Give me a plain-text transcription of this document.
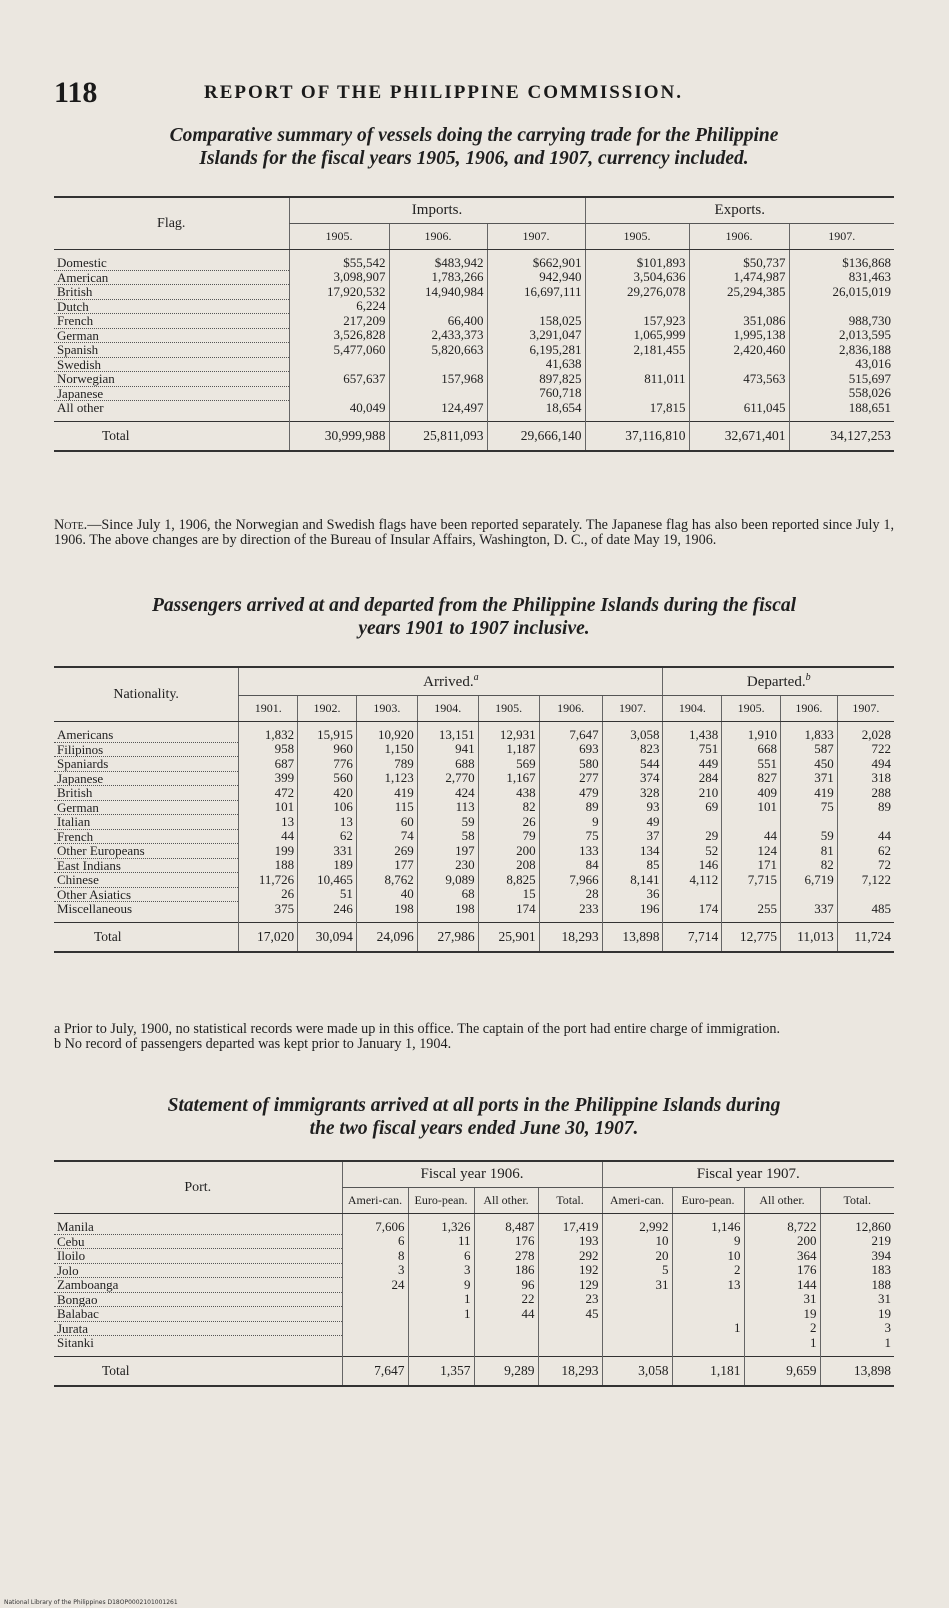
118	REPORT OF THE PHILIPPINE COMMISSION.
Comparative summary of vessels doing the carrying trade for the Philippine
Islands for the fiscal years 1905, 1906, and 1907, currency included.
Flag.	Imports.			Exports.		
	1905.	1906.	1907.	1905.	1906.	1907.
Domestic	$55,542	$483,942	$662,901	$101,893	$50,737	$136,868
American	3,098,907	1,783,266	942,940	3,504,636	1,474,987	831,463
British	17,920,532	14,940,984	16,697,111	29,276,078	25,294,385	26,015,019
Dutch	6,224					
French	217,209	66,400	158,025	157,923	351,086	988,730
German	3,526,828	2,433,373	3,291,047	1,065,999	1,995,138	2,013,595
Spanish	5,477,060	5,820,663	6,195,281	2,181,455	2,420,460	2,836,188
Swedish			41,638			43,016
Norwegian	657,637	157,968	897,825	811,011	473,563	515,697
Japanese			760,718			558,026
All other	40,049	124,497	18,654	17,815	611,045	188,651
Total	30,999,988	25,811,093	29,666,140	37,116,810	32,671,401	34,127,253
Note.—Since July 1, 1906, the Norwegian and Swedish flags have been reported separately. The Japanese flag has also been reported since July 1, 1906. The above changes are by direction of the Bureau of Insular Affairs, Washington, D. C., of date May 19, 1906.
Passengers arrived at and departed from the Philippine Islands during the fiscal
years 1901 to 1907 inclusive.
Nationality.	Arrived.$^a$							Departed.$^b$
	1901.	1902.	1903.	1904.	1905.	1906.	1907.	1904.	1905.	1906.	1907.
Americans	1,832	15,915	10,920	13,151	12,931	7,647	3,058	1,438	1,910	1,833	2,028
Filipinos	958	960	1,150	941	1,187	693	823	751	668	587	722
Spaniards	687	776	789	688	569	580	544	449	551	450	494
Japanese	399	560	1,123	2,770	1,167	277	374	284	827	371	318
British	472	420	419	424	438	479	328	210	409	419	288
German	101	106	115	113	82	89	93	69	101	75	89
Italian	13	13	60	59	26	9	49				
French	44	62	74	58	79	75	37	29	44	59	44
Other Europeans	199	331	269	197	200	133	134	52	124	81	62
East Indians	188	189	177	230	208	84	85	146	171	82	72
Chinese	11,726	10,465	8,762	9,089	8,825	7,966	8,141	4,112	7,715	6,719	7,122
Other Asiatics	26	51	40	68	15	28	36				
Miscellaneous	375	246	198	198	174	233	196	174	255	337	485
Total	17,020	30,094	24,096	27,986	25,901	18,293	13,898	7,714	12,775	11,013	11,724
a Prior to July, 1900, no statistical records were made up in this office. The captain of the port had entire charge of immigration.
b No record of passengers departed was kept prior to January 1, 1904.
Statement of immigrants arrived at all ports in the Philippine Islands during
the two fiscal years ended June 30, 1907.
Port.	Fiscal year 1906.				Fiscal year 1907.			
	Ameri-can.	Euro-pean.	All other.	Total.	Ameri-can.	Euro-pean.	All other.	Total.
Manila	7,606	1,326	8,487	17,419	2,992	1,146	8,722	12,860
Cebu	6	11	176	193	10	9	200	219
Iloilo	8	6	278	292	20	10	364	394
Jolo	3	3	186	192	5	2	176	183
Zamboanga	24	9	96	129	31	13	144	188
Bongao		1	22	23			31	31
Balabac		1	44	45			19	19
Jurata						1	2	3
Sitanki							1	1
Total	7,647	1,357	9,289	18,293	3,058	1,181	9,659	13,898
National Library of the Philippines D18OP0002101001261
